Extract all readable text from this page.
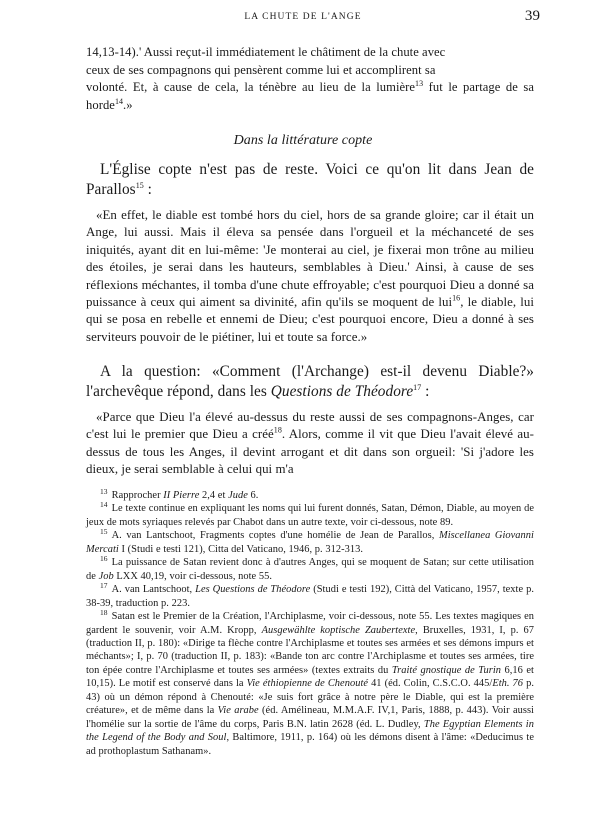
LA CHUTE DE L'ANGE	39

14,13-14).' Aussi reçut-il immédiatement le châtiment de la chute avec

ceux de ses compagnons qui pensèrent comme lui et accomplirent sa

volonté. Et, à cause de cela, la ténèbre au lieu de la lumière$^{13}$ fut le partage de sa horde$^{14}$.»

Dans la littérature copte

L'Église copte n'est pas de reste. Voici ce qu'on lit dans Jean de Parallos$^{15}$ :

«En effet, le diable est tombé hors du ciel, hors de sa grande gloire; car il était un Ange, lui aussi. Mais il éleva sa pensée dans l'orgueil et la méchanceté de ses iniquités, ayant dit en lui-même: 'Je monterai au ciel, je fixerai mon trône au milieu des étoiles, je serai dans les hauteurs, semblables à Dieu.' Ainsi, à cause de ses réflexions méchantes, il tomba d'une chute effroyable; c'est pourquoi Dieu a donné sa puissance à ceux qui aiment sa divinité, afin qu'ils se moquent de lui$^{16}$, le diable, lui qui se posa en rebelle et ennemi de Dieu; c'est pourquoi encore, Dieu a donné à ses serviteurs pouvoir de le piétiner, lui et toute sa force.»

A la question: «Comment (l'Archange) est-il devenu Diable?» l'archevêque répond, dans les Questions de Théodore$^{17}$ :

«Parce que Dieu l'a élevé au-dessus du reste aussi de ses compagnons-Anges, car c'est lui le premier que Dieu a créé$^{18}$. Alors, comme il vit que Dieu l'avait élevé au-dessus de tous les Anges, il devint arrogant et dit dans son orgueil: 'Si j'adore les dieux, je serai semblable à celui qui m'a

$^{13}$ Rapprocher II Pierre 2,4 et Jude 6.

$^{14}$ Le texte continue en expliquant les noms qui lui furent donnés, Satan, Démon, Diable, au moyen de jeux de mots syriaques relevés par Chabot dans un autre texte, voir ci-dessous, note 89.

$^{15}$ A. van Lantschoot, Fragments coptes d'une homélie de Jean de Parallos, Miscellanea Giovanni Mercati I (Studi e testi 121), Citta del Vaticano, 1946, p. 312-313.

$^{16}$ La puissance de Satan revient donc à d'autres Anges, qui se moquent de Satan; sur cette utilisation de Job LXX 40,19, voir ci-dessous, note 55.

$^{17}$ A. van Lantschoot, Les Questions de Théodore (Studi e testi 192), Città del Vaticano, 1957, texte p. 38-39, traduction p. 223.

$^{18}$ Satan est le Premier de la Création, l'Archiplasme, voir ci-dessous, note 55. Les textes magiques en gardent le souvenir, voir A.M. Kropp, Ausgewählte koptische Zaubertexte, Bruxelles, 1931, I, p. 67 (traduction II, p. 180): «Dirige ta flèche contre l'Archiplasme et toutes ses armées et ses démons impurs et méchants»; I, p. 70 (traduction II, p. 183): «Bande ton arc contre l'Archiplasme et toutes ses armées, tire ton épée contre l'Archiplasme et toutes ses armées» (textes extraits du Traité gnostique de Turin 6,16 et 10,15). Le motif est conservé dans la Vie éthiopienne de Chenouté 41 (éd. Colin, C.S.C.O. 445/Eth. 76 p. 43) où un démon répond à Chenouté: «Je suis fort grâce à notre père le Diable, qui est la première créature», et de même dans la Vie arabe (éd. Amélineau, M.M.A.F. IV,1, Paris, 1888, p. 443). Voir aussi l'homélie sur la sortie de l'âme du corps, Paris B.N. latin 2628 (éd. L. Dudley, The Egyptian Elements in the Legend of the Body and Soul, Baltimore, 1911, p. 164) où les démons disent à l'âme: «Deducimus te ad prothoplastum Sathanam».
